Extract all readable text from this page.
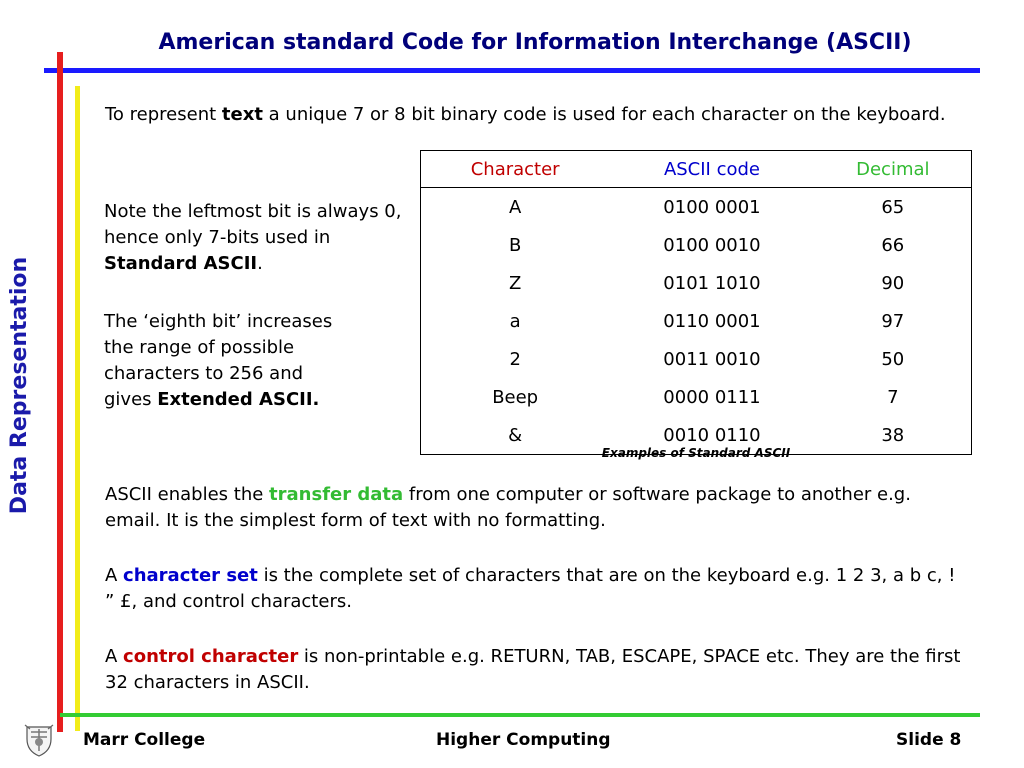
American standard Code for Information Interchange (ASCII)
Data Representation
To represent text a unique 7 or 8 bit binary code is used for each character on the keyboard.
Note the leftmost bit is always 0, hence only 7-bits used in Standard ASCII.
The ‘eighth bit’ increases the range of possible characters to 256 and gives Extended ASCII.
Character	ASCII code	Decimal
A	0100 0001	65
B	0100 0010	66
Z	0101 1010	90
a	0110 0001	97
2	0011 0010	50
Beep	0000 0111	7
&	0010 0110	38
Examples of Standard ASCII
ASCII enables the transfer data from one computer or software package to another e.g. email. It is the simplest form of text with no formatting.
A character set is the complete set of characters that are on the keyboard e.g. 1 2 3, a b c, ! ” £, and control characters.
A control character is non-printable e.g. RETURN, TAB, ESCAPE, SPACE etc. They are the first 32 characters in ASCII.
Marr College	Higher Computing	Slide 8
